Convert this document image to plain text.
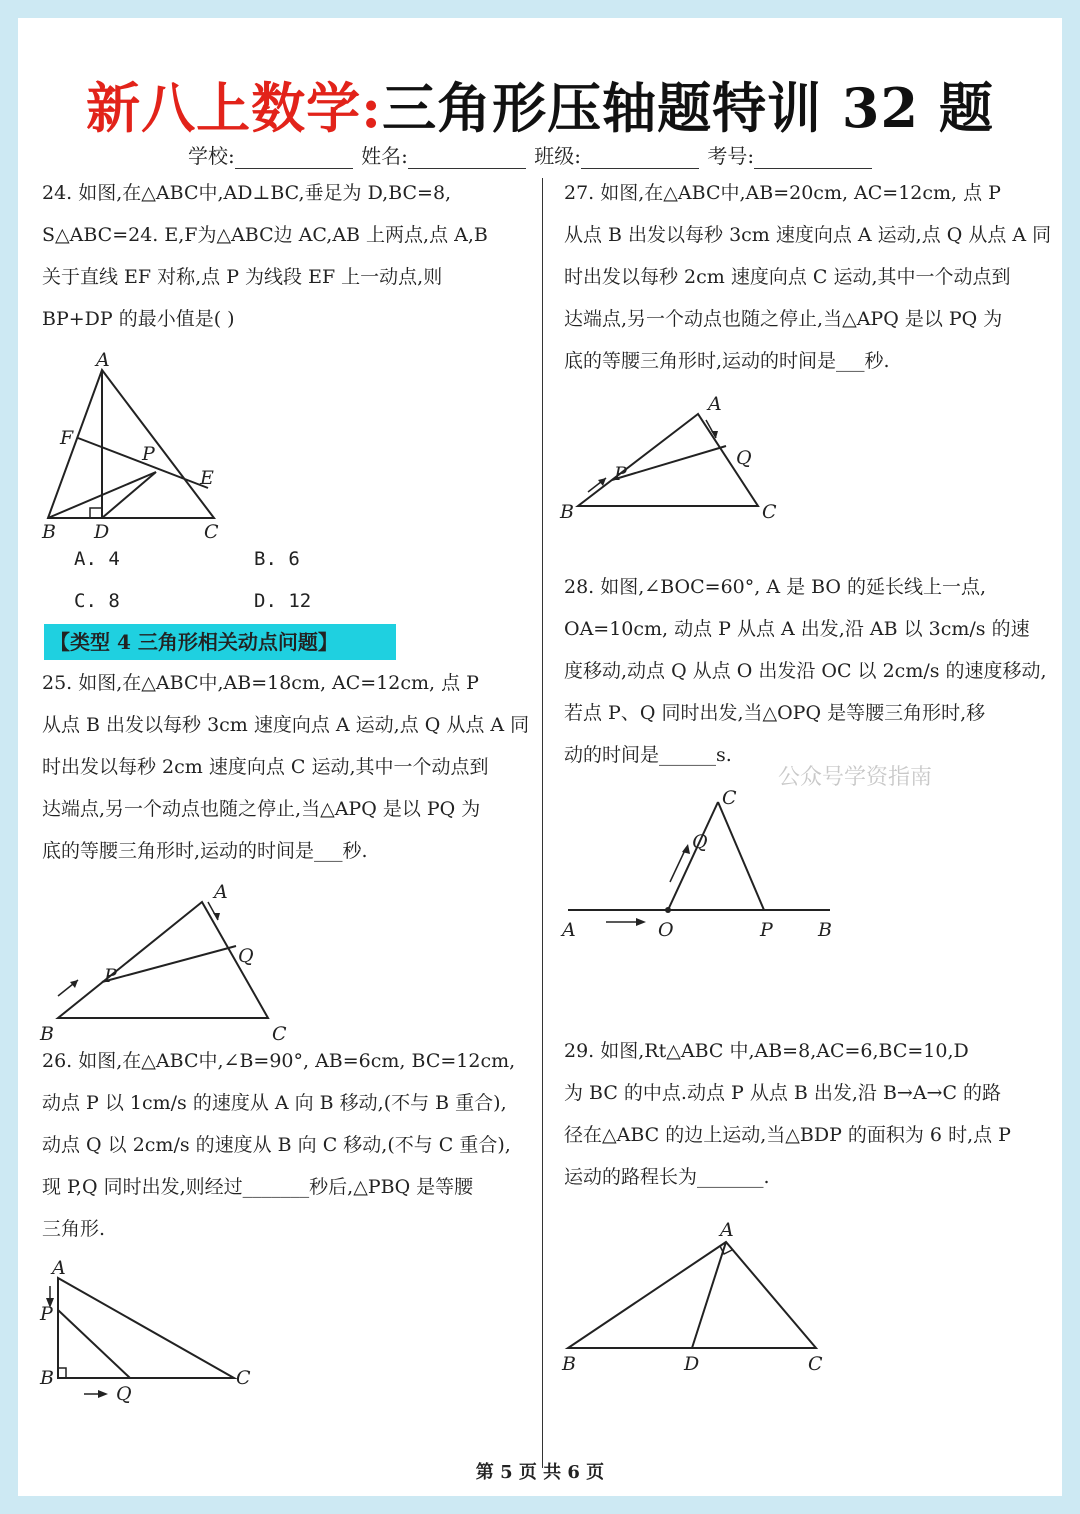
新八上数学:三角形压轴题特训 32 题
学校:	姓名:	班级:	考号:
24. 如图,在△ABC中,AD⊥BC,垂足为 D,BC=8,
S△ABC=24. E,F为△ABC边 AC,AB 上两点,点 A,B
关于直线 EF 对称,点 P 为线段 EF 上一动点,则
BP+DP 的最小值是( )
A
F
P
E
B D	C
A. 4	B. 6
C. 8	D. 12
【类型 4 三角形相关动点问题】
25. 如图,在△ABC中,AB=18cm, AC=12cm, 点 P
从点 B 出发以每秒 3cm 速度向点 A 运动,点 Q 从点 A 同
时出发以每秒 2cm 速度向点 C 运动,其中一个动点到
达端点,另一个动点也随之停止,当△APQ 是以 PQ 为
底的等腰三角形时,运动的时间是___秒.
A
Q
P
B	C
26. 如图,在△ABC中,∠B=90°, AB=6cm, BC=12cm,
动点 P 以 1cm/s 的速度从 A 向 B 移动,(不与 B 重合),
动点 Q 以 2cm/s 的速度从 B 向 C 移动,(不与 C 重合),
现 P,Q 同时出发,则经过_______秒后,△PBQ 是等腰
三角形.
A
P
B
Q
C
27. 如图,在△ABC中,AB=20cm, AC=12cm, 点 P
从点 B 出发以每秒 3cm 速度向点 A 运动,点 Q 从点 A 同
时出发以每秒 2cm 速度向点 C 运动,其中一个动点到
达端点,另一个动点也随之停止,当△APQ 是以 PQ 为
底的等腰三角形时,运动的时间是___秒.
A
Q
P
B	C
28. 如图,∠BOC=60°, A 是 BO 的延长线上一点,
OA=10cm, 动点 P 从点 A 出发,沿 AB 以 3cm/s 的速
度移动,动点 Q 从点 O 出发沿 OC 以 2cm/s 的速度移动,
若点 P、Q 同时出发,当△OPQ 是等腰三角形时,移
动的时间是______s.
公众号学资指南
C
Q
A	O	P B
29. 如图,Rt△ABC 中,AB=8,AC=6,BC=10,D
为 BC 的中点.动点 P 从点 B 出发,沿 B→A→C 的路
径在△ABC 的边上运动,当△BDP 的面积为 6 时,点 P
运动的路程长为_______.
A
B	D	C
第 5 页 共 6 页
